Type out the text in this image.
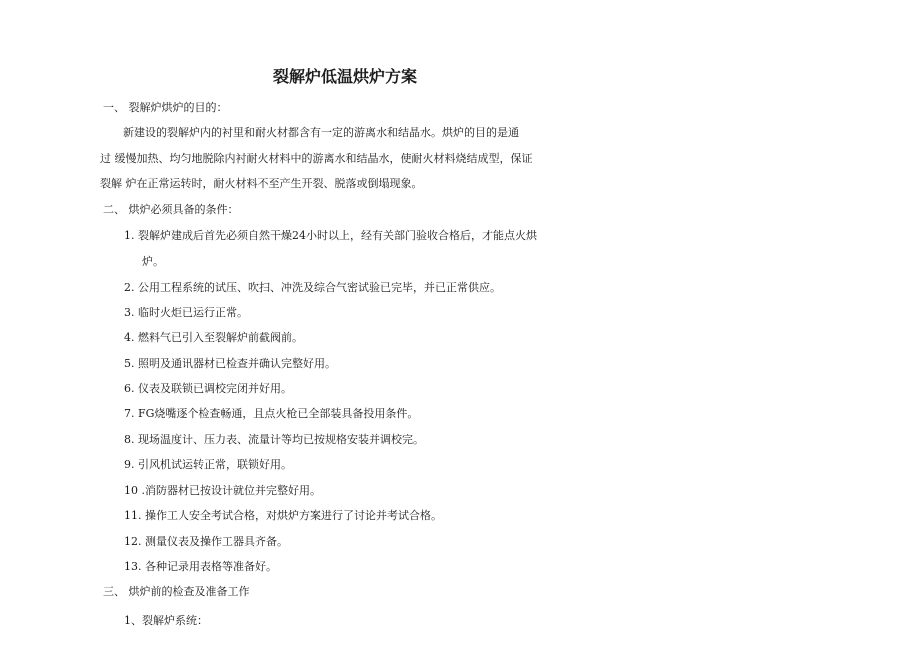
裂解炉低温烘炉方案
一、 裂解炉烘炉的目的：
新建设的裂解炉内的衬里和耐火材都含有一定的游离水和结晶水。烘炉的目的是通
过 缓慢加热、均匀地脱除内衬耐火材料中的游离水和结晶水，使耐火材料烧结成型，保证
裂解 炉在正常运转时，耐火材料不至产生开裂、脱落或倒塌现象。
二、 烘炉必须具备的条件：
1. 裂解炉建成后首先必须自然干燥24小时以上，经有关部门验收合格后，才能点火烘
炉。
2. 公用工程系统的试压、吹扫、冲洗及综合气密试验已完毕，并已正常供应。
3. 临时火炬已运行正常。
4. 燃料气已引入至裂解炉前截阀前。
5. 照明及通讯器材已检查并确认完整好用。
6. 仪表及联锁已调校完闭并好用。
7. FG烧嘴逐个检查畅通，且点火枪已全部装具备投用条件。
8. 现场温度计、压力表、流量计等均已按规格安装并调校完。
9. 引风机试运转正常，联锁好用。
10 .消防器材已按设计就位并完整好用。
11. 操作工人安全考试合格，对烘炉方案进行了讨论并考试合格。
12. 测量仪表及操作工器具齐备。
13. 各种记录用表格等准备好。
三、 烘炉前的检查及准备工作
1、裂解炉系统：
